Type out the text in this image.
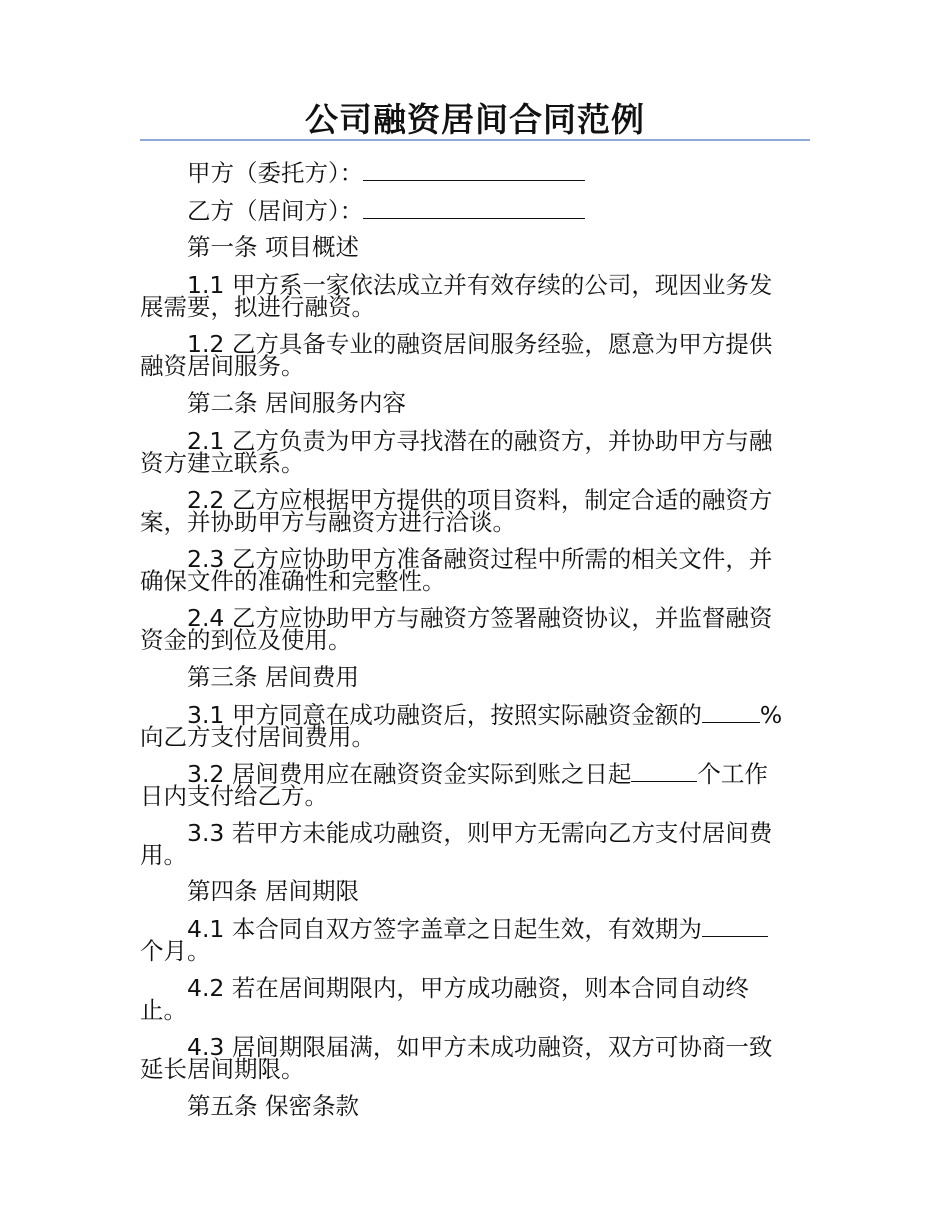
公司融资居间合同范例
甲方（委托方）：
乙方（居间方）：
第一条 项目概述
1.1 甲方系一家依法成立并有效存续的公司，现因业务发
展需要，拟进行融资。
1.2 乙方具备专业的融资居间服务经验，愿意为甲方提供
融资居间服务。
第二条 居间服务内容
2.1 乙方负责为甲方寻找潜在的融资方，并协助甲方与融
资方建立联系。
2.2 乙方应根据甲方提供的项目资料，制定合适的融资方
案，并协助甲方与融资方进行洽谈。
2.3 乙方应协助甲方准备融资过程中所需的相关文件，并
确保文件的准确性和完整性。
2.4 乙方应协助甲方与融资方签署融资协议，并监督融资
资金的到位及使用。
第三条 居间费用
3.1 甲方同意在成功融资后，按照实际融资金额的 %
向乙方支付居间费用。
3.2 居间费用应在融资资金实际到账之日起	个工作
日内支付给乙方。
3.3 若甲方未能成功融资，则甲方无需向乙方支付居间费
用。
第四条 居间期限
4.1 本合同自双方签字盖章之日起生效，有效期为
个月。
4.2 若在居间期限内，甲方成功融资，则本合同自动终
止。
4.3 居间期限届满，如甲方未成功融资，双方可协商一致
延长居间期限。
第五条 保密条款
